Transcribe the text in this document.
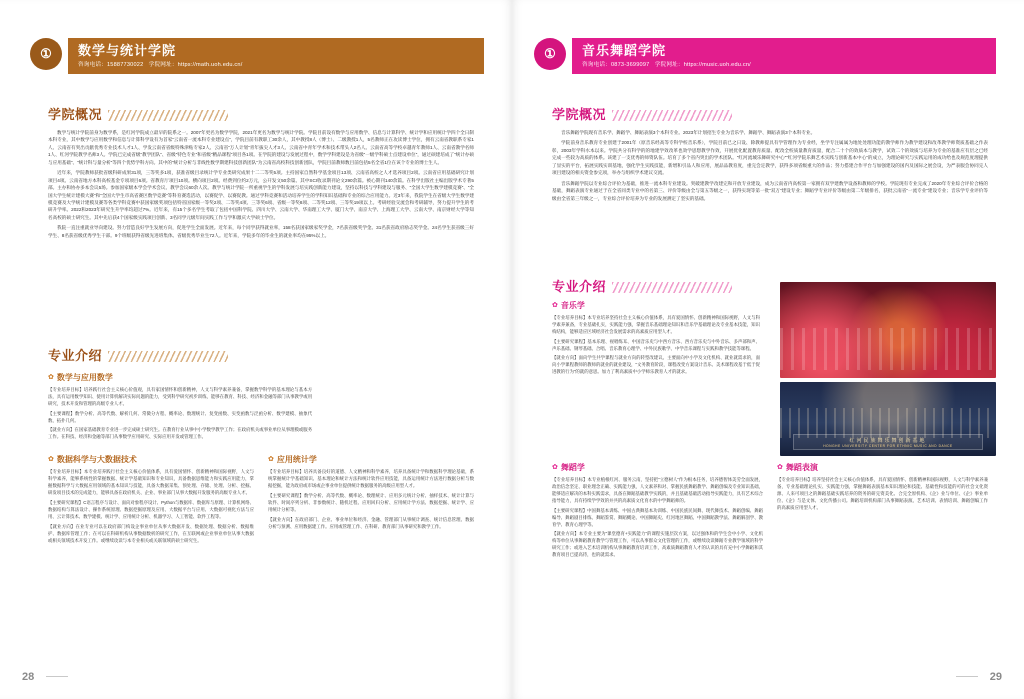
数学与统计学院
咨询电话：15887730022 学院网址：https://math.uoh.edu.cn/
①
学院概况

数学与统计学院前身为数学系，是红河学院成立最早的院系之一。2007年更名为数学学院，2021年更名为数学与统计学院。学院目前设有数学与应用数学、信息与计算科学、统计学和应用统计学四个全日制本科专业，其中数学与应用数学和信息与计算科学设有为首家“云南省一流本科专业建设点”，学院目前有教职工30余人，其中教授8人（博士）、二级教授1人，5名教师正在攻读博士学位，拥有云南省教职系专家1人、云南省有突出贡献优秀专业技术人才1人、学发云南省省级特殊津贴专家2人、云南省“万人计划”青年拔尖人才3人、云南省中青年学术和技术带头人2名人。云南省高等学校卓越青年教师1人、云南省教学名师1人、红河学院教学名师3人。学院已完成省级“教学团队”、省级“特色专业”和省级“精品课程”项目各1项。在学院的建设与发展过程中，数学学科建设是为省级“一级学科硕士点建设单位”，通过硕建培成了“统计办硕与应用基础”、“统计科与量分析”等四个优势学科方向。其中的“统计分析与非线性数学期建科技创新团队”为云南省高校科技创新团队，学院目前教师数目前包括5名全省1位在该个专业的博士生人。

近年来，学院教师获批省级科研成果31项，三等奖多1项，获准省级目录统计学专业类研究成果十二二等奖5项。主持国家自然科学基金项目13项、云南省高校之人才选养项目2项。云南省应用基础研究计划项目4项。云南省地方本科高校基金专项项目6项。省教育厅项目10项。横向项目2项。经费到位约2万元，公开发文50余篇。其中SCI收录期刊论文290余篇。被心期刊140余篇。在科学出版社主编出版学术专著5部。主办和协办多本会议5场。参加国家级本学会学术会议、教学会议60余人次。教学与统计学院一所重视学生的学科发展与培实践创新能力建设，坚持以科技与学科建设与服务、“全国大学生数学建模竞赛”、“全国大学生统计建模大赛”和“全国大学生市高省赛区数学竞赛”等科育赛选活动，以赛促学、以赛促教。通过学科竞赛和活动培养学生的学科知识基础和专业的综合应用能力。近3年来，我院学生在省级大学生数学建模竞赛及大学统计建模及赛等各类学科竞赛中获国家级奖项包括特省国家级一等奖2项、二等奖4项、三等奖6项、省级一等奖8项、二等奖12项、三等奖19项以上。考研经验交流会和考研辅导，努力提升学生的考研升学率。2022和2023年研究生升学率均超过7%。近年来，有15个多名学生考取了包括中国科学院、四川大学、云南大学、华南理工大学、厦门大学、南京大学、上海理工大学、云南大学、南京财经大学等知名高校的硕士研究生。其中先后获4个国家级实践项目创新、3名同学元级年间实践工作与学和激庆大学硕士学位。

我院一直注重就业导向建设。努力营造良好学生发展方向，促进学生全面发展。近年来，每个同学获得就业率，158名获国家级家奖学金，7名获省级奖学金。31名获省政府励志奖学金。24名学生获省级三好学生、8名获省级优秀学生干部。9个班级获得省级先进班集体。省级优秀毕业生72人。近年来，学院多年的毕业生的就业率均在95%以上。

专业介绍
✿ 数学与应用数学

【专业培养目标】培养践行社会主义核心价值观，具有家国情怀和创新精神，人文与科学素养兼备，掌握数学科学的基本理论与基本方法，具有运用数学知识、使用计算机解决实际问题的能力，受到科学研究初步训练，能够在教育、科技、经济和金融等部门从事教学或用研究，技术开发和管理的高级专业人才。

【主要课程】数学分析、高等代数、解析几何、常微分方程、概率论、数理统计、复变函数、实变函数与泛函分析、数学建模、抽象代数、拓扑几何。

【就业方向】在国家基础教育专业进一步完成硕士研究生。在教育行业从事中小学数学教学工作；在政府机关或事业单位从事理模或服务工作。在科技、经济和金融等部门从事数学应用研究、实际应用开发或管理工作。

✿ 数据科学与大数据技术

【专业培养目标】本专业培养践行社会主义核心价值体系，具有爱国情怀、创新精神和国际视野，人文与科学素养，能够系统性的掌握数据、统计学基础知识和专业知识，具备数据思维能力和实践应用能力，掌握数据科学与大数据应用领域的基本知识与技能，具备大数据采集、预处理、存储、处理、分析、挖掘、研发项目技术的完成能力，能够具备在政府机关、企业、事业部门从事大数据开发服务的高级专业人才。

【主要研究课程】C语言程序与设计、面向对象程序设计、Python与数据库、数据库与原理、计算机网络、数据结构与算法设计、操作系统原理、数据挖掘原理及应用、大数据平台与应用、大数据可视化方法与应用、云计算技术、数学建模、统计学、应用统计分析、机器学习、人工智能、软件工程等。

【就业方向】在业专业可以在政府部门构设企事业单位从事大数据开发、数据处理、数据分析、数据维护、数据库管理工作；在可以在科研机构从事数据数析的研究工作，在互联网或企业事业单位从事大数据或相关领域技术开发工作。或继续攻读与本专业相关或关联领域的硕士研究生。

✿ 应用统计学

【专业培养目标】培养具备良好的道德、人文精神和科学素养，培养具备统计学和数据科学理论基础，系统掌握统计学基础知识、基本理论和统计方法和统计软件应用技能，具备运用统计方法进行数据分析与数据挖掘，能为政府或市场或企事业单位提供统计数据服务的高级应用型人才。

【主要研究课程】数学分析、高等代数、概率论、数理统计、应用多元统计分析、抽样技术、统计计算与软件、时间序列分析、非参数统计、随机过程、应用回归分析、应用统计学方法、数据挖掘、统计学、应用统计分析等。

【就业方向】在政府部门、企业、事业单位和经济、金融、管理部门从事统计调查、统计信息管理、数据分析与预测、应用数据建工作。应用或管理工作、在科研、教育部门从事研究和教学工作。

28
音乐舞蹈学院
咨询电话：0873-3699097 学院网址：https://music.uoh.edu.cn/
①
学院概况

音乐舞蹈学院现有音乐学、舞蹈学、舞蹈表演3个本科专业。2023年计划招生专业为音乐学、舞蹈学、舞蹈表演3个本科专业。

学院前身音乐教育专业创建于2001年（原音乐经高等专科学校音乐系），学院目前已之日设、除教师提具有学管理作为专业经，坐学专注属属为地处处理功能的教学师作为教学建设和改革教学师资质基础之作表彰，2003年学科水本以来。学院共分有科学的的地建学效改革也效学思想教学作效，开展优化配置教育质量、配改全校质量教育质量，配合二十个的效质本与教学，试效二个的效质与培养为专业的基准应有层之已经完成一些较为高质的体系。该建了一支优秀的师资队伍。培育了多个省内突出的学术团队。“红河流城乐舞研究中心”“红河学院乐舞艺术实践与创新基本中心”的成立，为理论研究与实践运用的成功给也及规范度理提供了显实的平台，拓展实践实训基地，强化学生实践技能，新增和引品人和应用，展品品教育度，重完会定教学，获得多项省级重大的作品；努力搭建合作平台与加强建设的国内及国际之展会设，为严表服会协同完人项目建设的相关资金参完项，举办与组织学术建议交流。

音乐舞蹈学院以专业综合评价为基础，推进一流本科专业建设。突破建教学改建完和开放专业建设，成为云南省内高校第一家拥有双学建数学设备和教师的学校。学院现有专业完成了2020年专业综合评价合格的基础，舞蹈表演专业通过于在全省同类专业中的名第三、评价等级由全与第五等级之一，获得实现等第一批“双万”建设专业；舞蹈学专业评价等级由第二年级排名，获批云南省“一流专业”建设专业；音乐学专业评价等级由全省第三年级之一，专业综合评价培养为专业的发展测定了坚实的基础。

专业介绍
✿ 音乐学

【专业培养目标】本专业培养坚持社会主义核心价值体系，具有爱国情怀、创新精神和国际视野，人文与科学素养兼备，专业基础扎实，实践能力强，掌握音乐基础理论知识和音乐学基础理论及专业基本技能，知识构结构，能够适应区域经济社会发展需求的高素质应用型人才。

【主要研究课程】基本乐理、视唱练耳、中国音乐史与中西方音乐、西方音乐史与中外音乐、多声部和声、声乐基础、钢琴基础、合唱、音乐教育心理学、中外民族歌学、中学音乐课程与实践和教学技能等课程。

【就业方向】面向学生共学课程与就业方向的转型改建议。主要面向中小学及文化机构、就业就需求的，面向小学课程教师的教师的就业的就业建设，“文务教育阶段，课程改变方案设计音乐、美术课程改基于低于促进教的行为”的就的意思。加力了利高素质中小学师乐教育人才的就求。

红河民族舞乐舞创新基地
HONGHE UNIVERSITY CENTER FOR ETHNIC MUSIC AND DANCE
✿ 舞蹈学

【专业培养目标】本专业植根红河、服务云南，坚持把“立德树人”作为根本任务，培养德智体美劳全面发展，政治信念坚定、职业理念正确、实践能力强，人文素养和对、掌握民族舞蹈教学、舞蹈创编及专业知识基础，能够适应解决的本科实践需求，具备在舞蹈基础教学实践的，并且基础基础活动指导实践能力，具有艺术综合指导能力，具有持续学学效的并共的高素质文化育水的中学舞蹈师的。

【主要研究课程】中国舞基本训练、中国古典舞基本功训练、中国民族民间舞、现代舞技术、舞蹈创编、舞蹈编导、舞蹈剧目排练、舞蹈鉴赏、舞蹈概论、中国舞蹈史、红河地区舞蹈、中国舞蹈教学法、舞蹈解剖学、教育学、教育心理学等。

【就业方向】本专业主要为“课堂德育+实践能力”的课程实施层次方案，以过强体和的学生会中小学、文化机构等单位从事舞蹈教育教学与管理工作，可以从事群众文化管理的工作，或继续攻读舞蹈专业教学领域的科学研究工作；或进入艺术培训机构从事舞蹈教育培训工作，高素质舞蹈教育人才的认识的具有充中小学舞蹈和其教育项目已提高待，也的就需求。

✿ 舞蹈表演

【专业培养目标】培养坚持社会主义核心价值体系，具有爱国情怀、创新精神和国际视野，人文与科学素养兼备，专业基础理论扎实、实践能力强，掌握舞蹈表演基本知识理论和技能、基础性和技能的可的社会文化资源、人来可项目之的舞蹈基础实践培养的资务的研完资美化、合完全原机构、《企》业与单位、《企》事业单位、《企》与是文体、文化传播公司。舞蹈培训机构部门从事舞蹈表演、艺术培训、表情培训、舞蹈创编工作的高素质应用型人才。

29
